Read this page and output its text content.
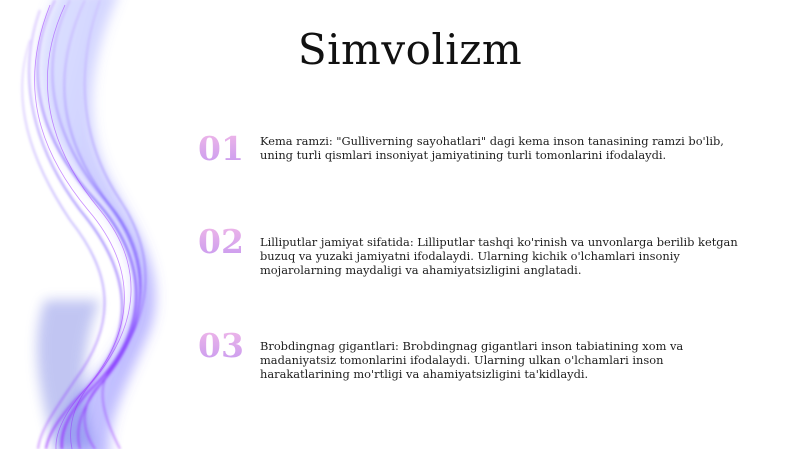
Simvolizm
01	Kema ramzi: "Gulliverning sayohatlari" dagi kema inson tanasining ramzi bo'lib, uning turli qismlari insoniyat jamiyatining turli tomonlarini ifodalaydi.
02	Lilliputlar jamiyat sifatida: Lilliputlar tashqi ko'rinish va unvonlarga berilib ketgan buzuq va yuzaki jamiyatni ifodalaydi. Ularning kichik o'lchamlari insoniy mojarolarning maydaligi va ahamiyatsizligini anglatadi.
03	Brobdingnag gigantlari: Brobdingnag gigantlari inson tabiatining xom va madaniyatsiz tomonlarini ifodalaydi. Ularning ulkan o'lchamlari inson harakatlarining mo'rtligi va ahamiyatsizligini ta'kidlaydi.
